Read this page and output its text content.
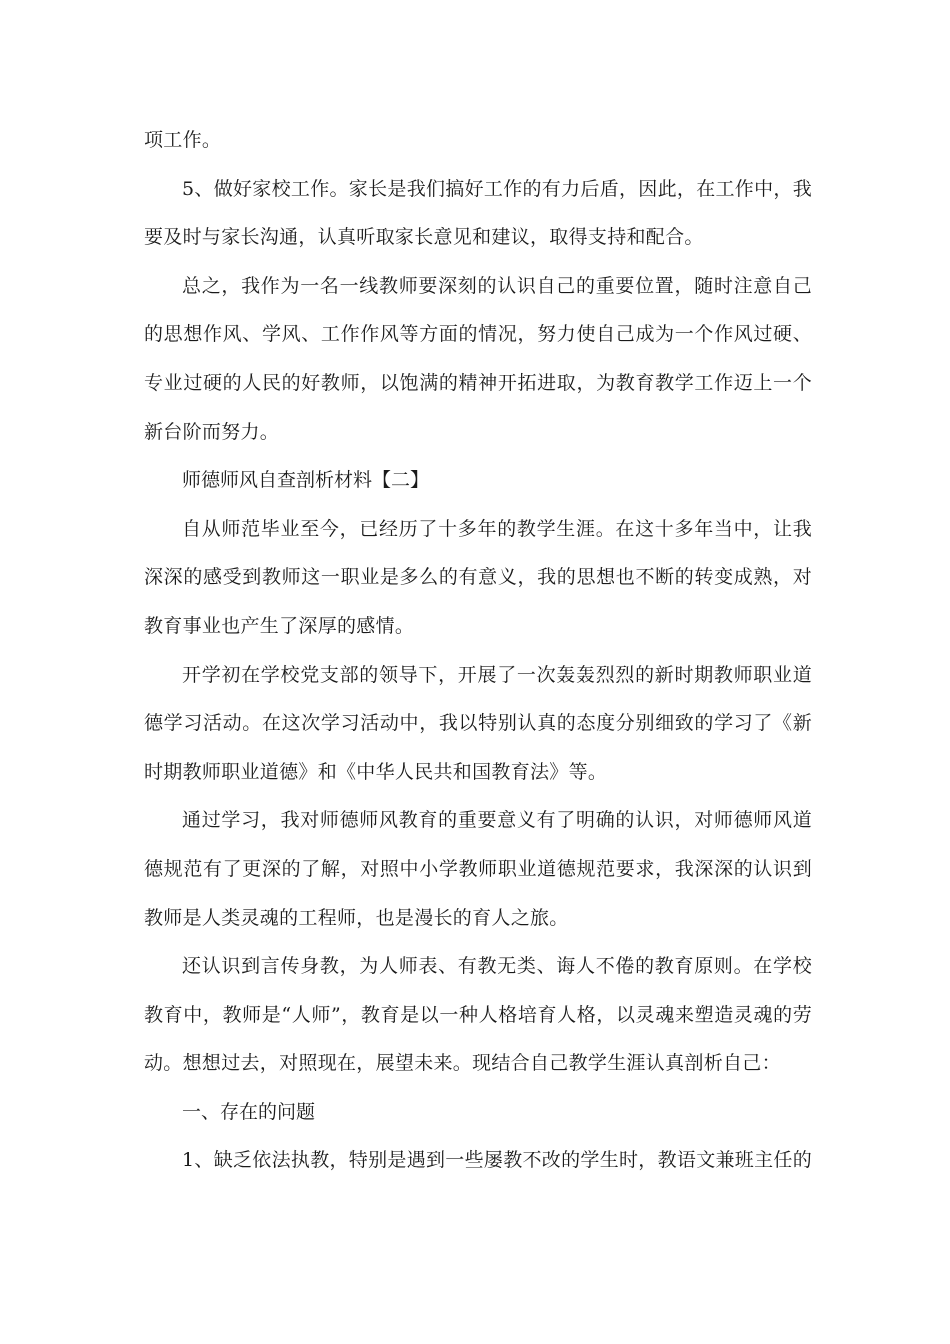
项工作。

5、做好家校工作。家长是我们搞好工作的有力后盾，因此，在工作中，我要及时与家长沟通，认真听取家长意见和建议，取得支持和配合。

总之，我作为一名一线教师要深刻的认识自己的重要位置，随时注意自己的思想作风、学风、工作作风等方面的情况，努力使自己成为一个作风过硬、专业过硬的人民的好教师，以饱满的精神开拓进取，为教育教学工作迈上一个新台阶而努力。

师德师风自查剖析材料【二】

自从师范毕业至今，已经历了十多年的教学生涯。在这十多年当中，让我深深的感受到教师这一职业是多么的有意义，我的思想也不断的转变成熟，对教育事业也产生了深厚的感情。

开学初在学校党支部的领导下，开展了一次轰轰烈烈的新时期教师职业道德学习活动。在这次学习活动中，我以特别认真的态度分别细致的学习了《新时期教师职业道德》和《中华人民共和国教育法》等。

通过学习，我对师德师风教育的重要意义有了明确的认识，对师德师风道德规范有了更深的了解，对照中小学教师职业道德规范要求，我深深的认识到教师是人类灵魂的工程师，也是漫长的育人之旅。

还认识到言传身教，为人师表、有教无类、诲人不倦的教育原则。在学校教育中，教师是“人师”，教育是以一种人格培育人格，以灵魂来塑造灵魂的劳动。想想过去，对照现在，展望未来。现结合自己教学生涯认真剖析自己：

一、存在的问题

1、缺乏依法执教，特别是遇到一些屡教不改的学生时，教语文兼班主任的
